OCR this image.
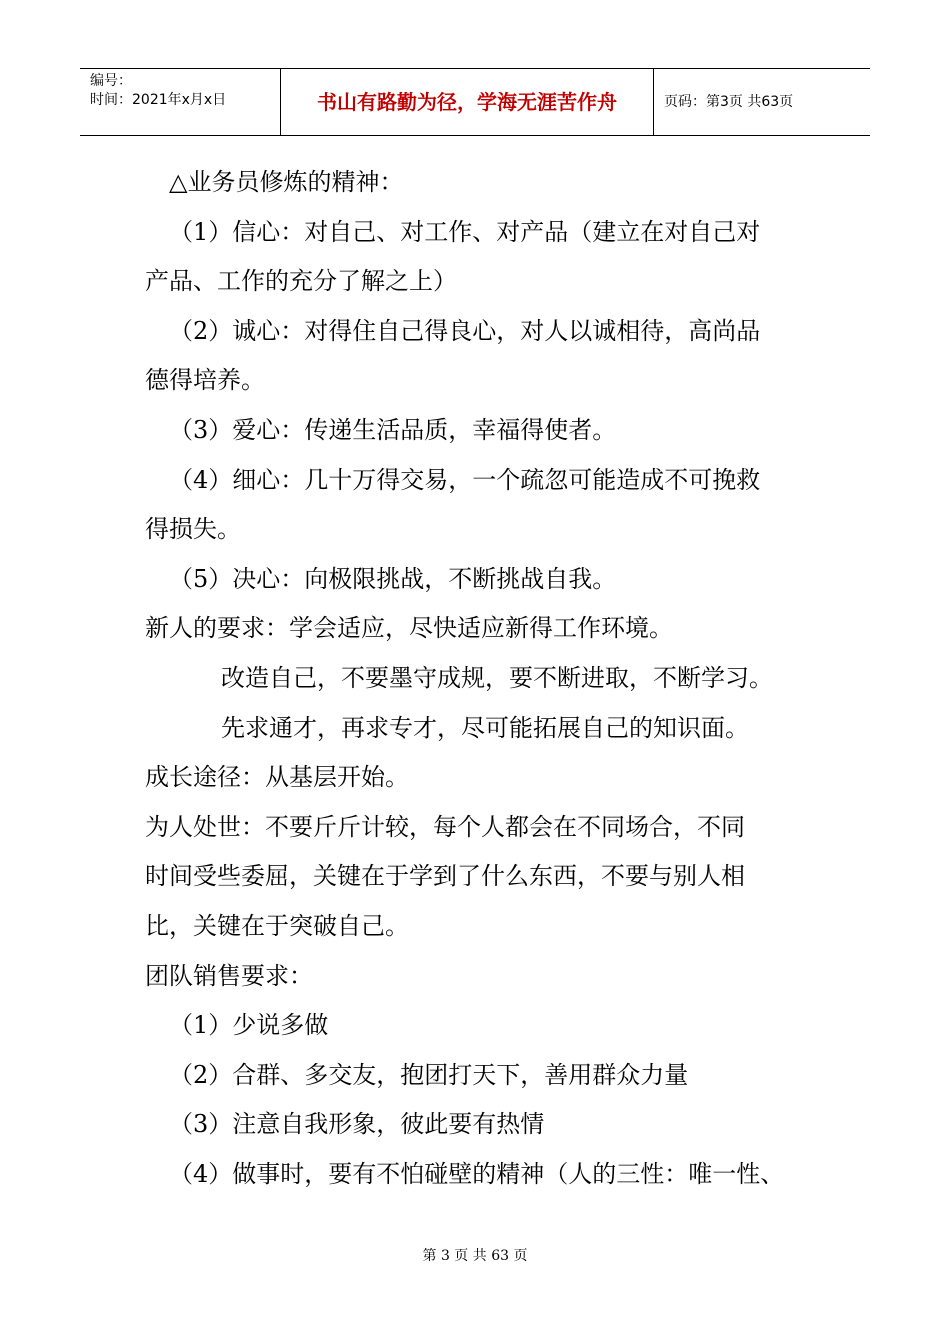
编号：
时间：2021年x月x日	书山有路勤为径，学海无涯苦作舟	页码：第3页 共63页
△业务员修炼的精神：
（1）信心：对自己、对工作、对产品（建立在对自己对
产品、工作的充分了解之上）
（2）诚心：对得住自己得良心，对人以诚相待，高尚品
德得培养。
（3）爱心：传递生活品质，幸福得使者。
（4）细心：几十万得交易，一个疏忽可能造成不可挽救
得损失。
（5）决心：向极限挑战，不断挑战自我。
新人的要求：学会适应，尽快适应新得工作环境。
改造自己，不要墨守成规，要不断进取，不断学习。
先求通才，再求专才，尽可能拓展自己的知识面。
成长途径：从基层开始。
为人处世：不要斤斤计较，每个人都会在不同场合，不同
时间受些委屈，关键在于学到了什么东西，不要与别人相
比，关键在于突破自己。
团队销售要求：
（1）少说多做
（2）合群、多交友，抱团打天下，善用群众力量
（3）注意自我形象，彼此要有热情
（4）做事时，要有不怕碰壁的精神（人的三性：唯一性、
第 3 页 共 63 页
